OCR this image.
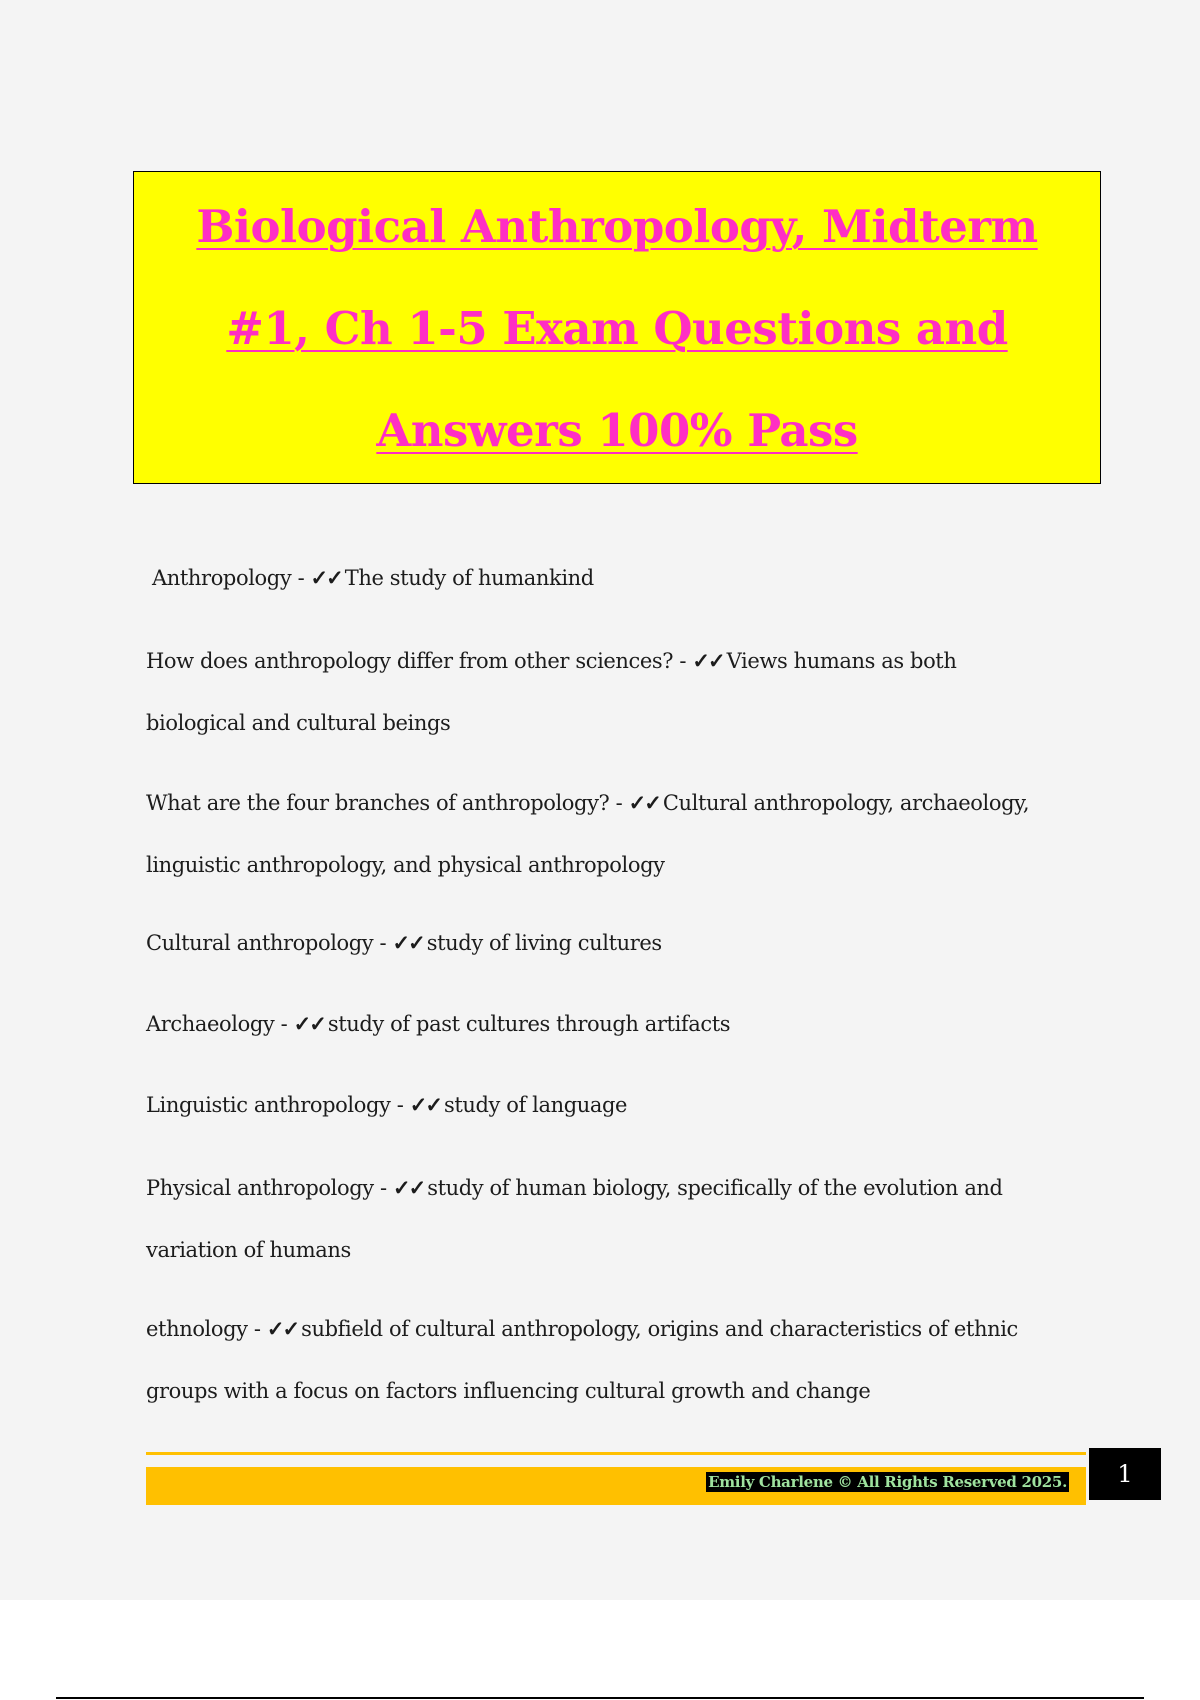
Biological Anthropology, Midterm
#1, Ch 1-5 Exam Questions and
Answers 100% Pass
Anthropology - ✓✓ The study of humankind
How does anthropology differ from other sciences? - ✓✓ Views humans as both
biological and cultural beings
What are the four branches of anthropology? - ✓✓ Cultural anthropology, archaeology,
linguistic anthropology, and physical anthropology
Cultural anthropology - ✓✓ study of living cultures
Archaeology - ✓✓ study of past cultures through artifacts
Linguistic anthropology - ✓✓ study of language
Physical anthropology - ✓✓ study of human biology, specifically of the evolution and
variation of humans
ethnology - ✓✓ subfield of cultural anthropology, origins and characteristics of ethnic
groups with a focus on factors influencing cultural growth and change
Emily Charlene © All Rights Reserved 2025.	1
